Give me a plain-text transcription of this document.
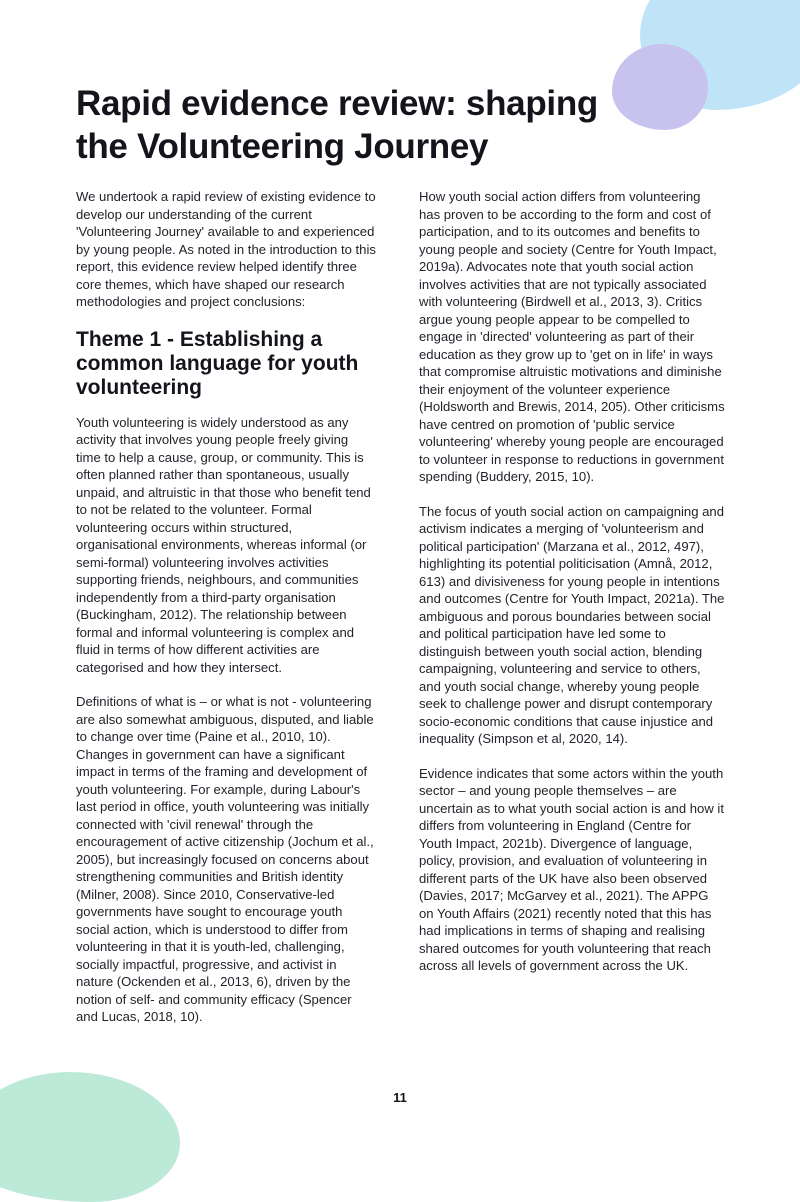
Rapid evidence review: shaping the Volunteering Journey

We undertook a rapid review of existing evidence to develop our understanding of the current 'Volunteering Journey' available to and experienced by young people. As noted in the introduction to this report, this evidence review helped identify three core themes, which have shaped our research methodologies and project conclusions:

Theme 1 - Establishing a common language for youth volunteering

Youth volunteering is widely understood as any activity that involves young people freely giving time to help a cause, group, or community. This is often planned rather than spontaneous, usually unpaid, and altruistic in that those who benefit tend to not be related to the volunteer. Formal volunteering occurs within structured, organisational environments, whereas informal (or semi-formal) volunteering involves activities supporting friends, neighbours, and communities independently from a third-party organisation (Buckingham, 2012). The relationship between formal and informal volunteering is complex and fluid in terms of how different activities are categorised and how they intersect.

Definitions of what is – or what is not - volunteering are also somewhat ambiguous, disputed, and liable to change over time (Paine et al., 2010, 10). Changes in government can have a significant impact in terms of the framing and development of youth volunteering. For example, during Labour's last period in office, youth volunteering was initially connected with 'civil renewal' through the encouragement of active citizenship (Jochum et al., 2005), but increasingly focused on concerns about strengthening communities and British identity (Milner, 2008). Since 2010, Conservative-led governments have sought to encourage youth social action, which is understood to differ from volunteering in that it is youth-led, challenging, socially impactful, progressive, and activist in nature (Ockenden et al., 2013, 6), driven by the notion of self- and community efficacy (Spencer and Lucas, 2018, 10).

How youth social action differs from volunteering has proven to be according to the form and cost of participation, and to its outcomes and benefits to young people and society (Centre for Youth Impact, 2019a). Advocates note that youth social action involves activities that are not typically associated with volunteering (Birdwell et al., 2013, 3). Critics argue young people appear to be compelled to engage in 'directed' volunteering as part of their education as they grow up to 'get on in life' in ways that compromise altruistic motivations and diminishe their enjoyment of the volunteer experience (Holdsworth and Brewis, 2014, 205). Other criticisms have centred on promotion of 'public service volunteering' whereby young people are encouraged to volunteer in response to reductions in government spending (Buddery, 2015, 10).

The focus of youth social action on campaigning and activism indicates a merging of 'volunteerism and political participation' (Marzana et al., 2012, 497), highlighting its potential politicisation (Amnå, 2012, 613) and divisiveness for young people in intentions and outcomes (Centre for Youth Impact, 2021a). The ambiguous and porous boundaries between social and political participation have led some to distinguish between youth social action, blending campaigning, volunteering and service to others, and youth social change, whereby young people seek to challenge power and disrupt contemporary socio-economic conditions that cause injustice and inequality (Simpson et al, 2020, 14).

Evidence indicates that some actors within the youth sector – and young people themselves – are uncertain as to what youth social action is and how it differs from volunteering in England (Centre for Youth Impact, 2021b). Divergence of language, policy, provision, and evaluation of volunteering in different parts of the UK have also been observed (Davies, 2017; McGarvey et al., 2021). The APPG on Youth Affairs (2021) recently noted that this has had implications in terms of shaping and realising shared outcomes for youth volunteering that reach across all levels of government across the UK.

11
